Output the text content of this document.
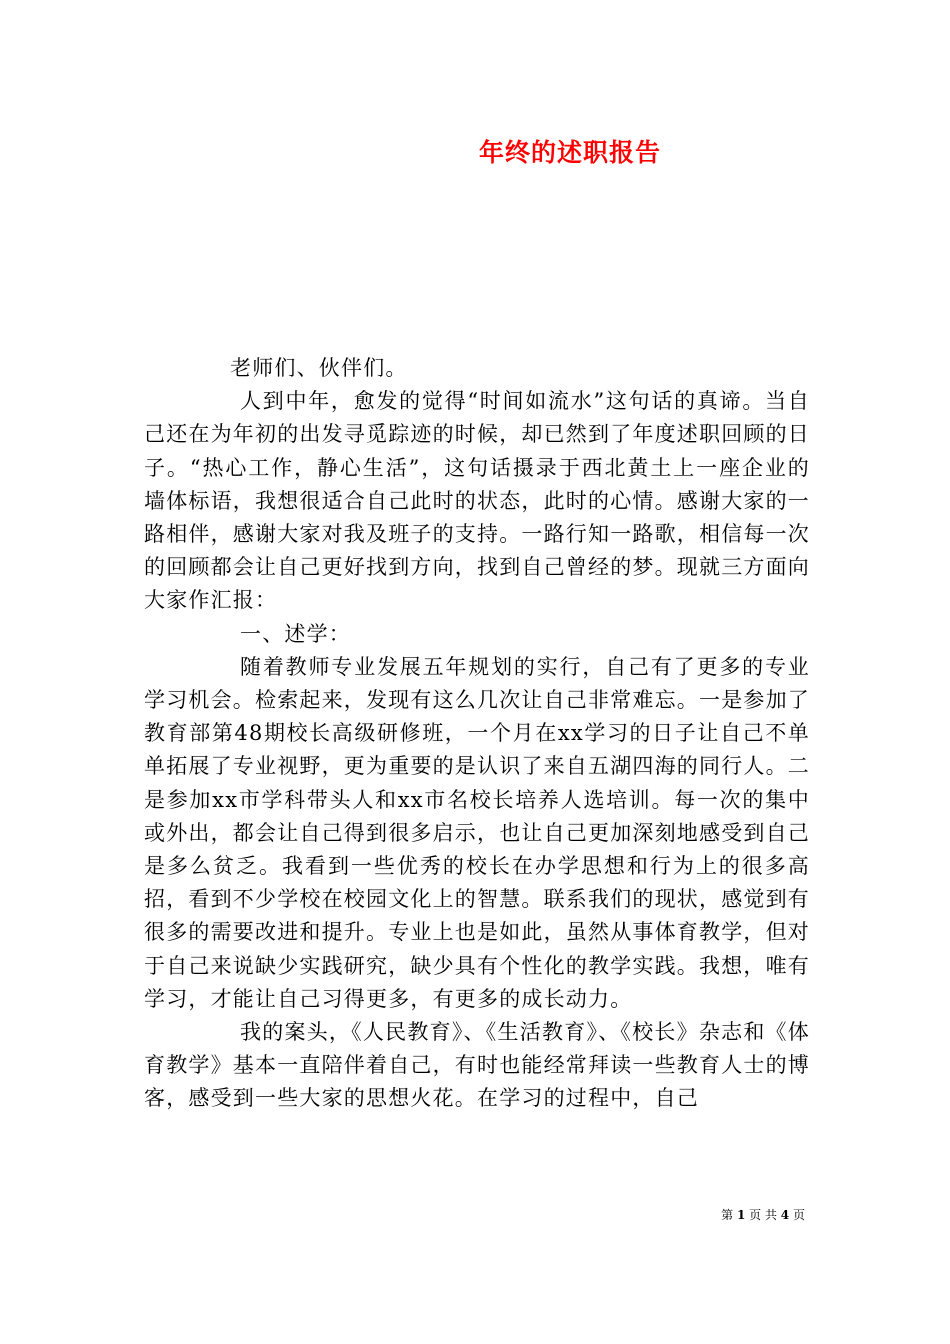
年终的述职报告

老师们、伙伴们。

人到中年，愈发的觉得“时间如流水”这句话的真谛。当自己还在为年初的出发寻觅踪迹的时候，却已然到了年度述职回顾的日子。“热心工作，静心生活”，这句话摄录于西北黄土上一座企业的墙体标语，我想很适合自己此时的状态，此时的心情。感谢大家的一路相伴，感谢大家对我及班子的支持。一路行知一路歌，相信每一次的回顾都会让自己更好找到方向，找到自己曾经的梦。现就三方面向大家作汇报：

一、述学：

随着教师专业发展五年规划的实行，自己有了更多的专业学习机会。检索起来，发现有这么几次让自己非常难忘。一是参加了教育部第48期校长高级研修班，一个月在xx学习的日子让自己不单单拓展了专业视野，更为重要的是认识了来自五湖四海的同行人。二是参加xx市学科带头人和xx市名校长培养人选培训。每一次的集中或外出，都会让自己得到很多启示，也让自己更加深刻地感受到自己是多么贫乏。我看到一些优秀的校长在办学思想和行为上的很多高招，看到不少学校在校园文化上的智慧。联系我们的现状，感觉到有很多的需要改进和提升。专业上也是如此，虽然从事体育教学，但对于自己来说缺少实践研究，缺少具有个性化的教学实践。我想，唯有学习，才能让自己习得更多，有更多的成长动力。

我的案头，《人民教育》、《生活教育》、《校长》杂志和《体育教学》基本一直陪伴着自己，有时也能经常拜读一些教育人士的博客，感受到一些大家的思想火花。在学习的过程中，自己

第 1 页 共 4 页
